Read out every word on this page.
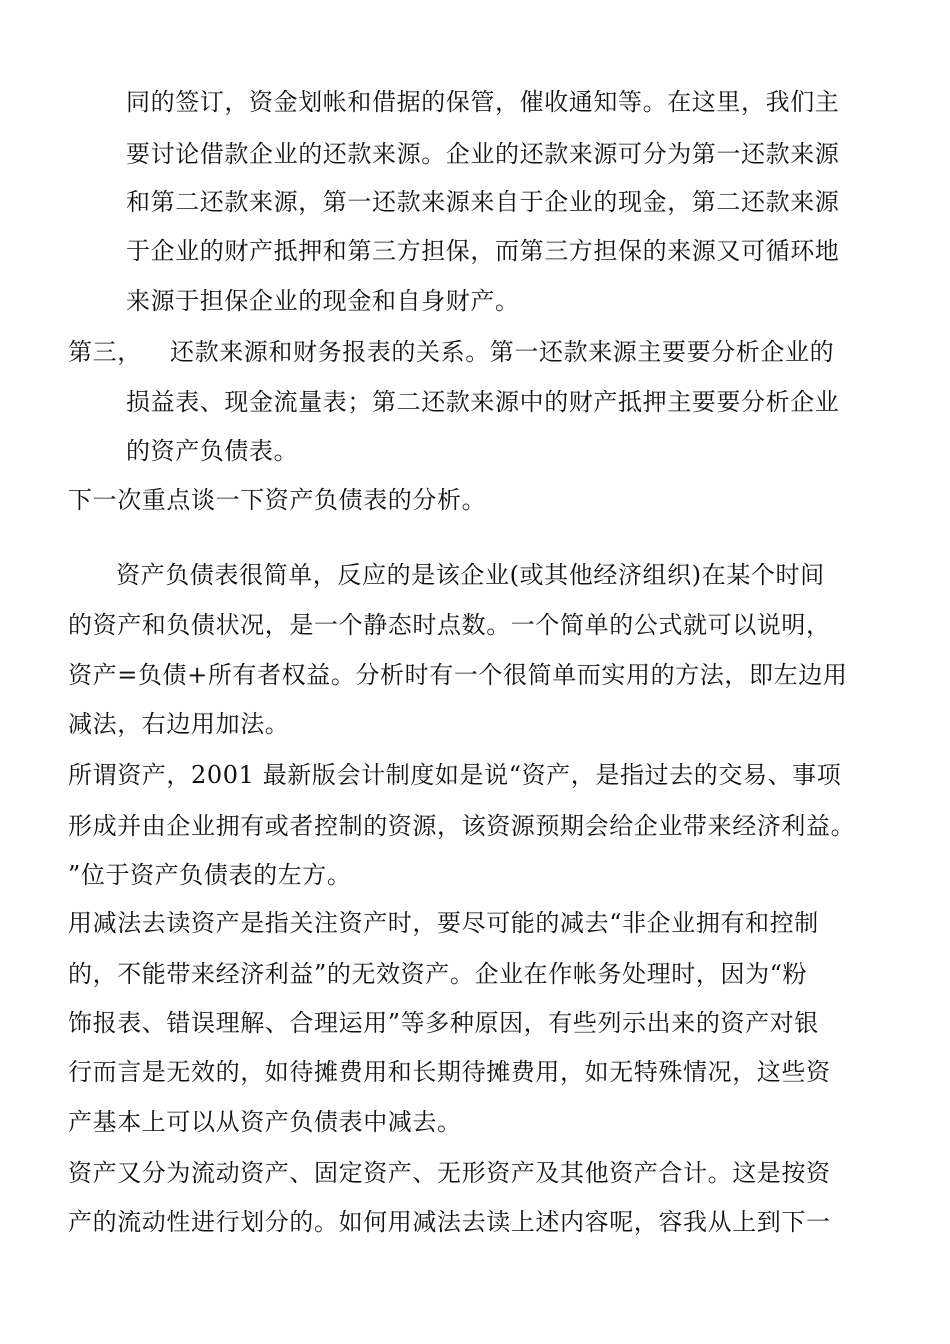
同的签订，资金划帐和借据的保管，催收通知等。在这里，我们主
要讨论借款企业的还款来源。企业的还款来源可分为第一还款来源
和第二还款来源，第一还款来源来自于企业的现金，第二还款来源
于企业的财产抵押和第三方担保，而第三方担保的来源又可循环地
来源于担保企业的现金和自身财产。
第三， 还款来源和财务报表的关系。第一还款来源主要要分析企业的
损益表、现金流量表；第二还款来源中的财产抵押主要要分析企业
的资产负债表。
下一次重点谈一下资产负债表的分析。
资产负债表很简单，反应的是该企业(或其他经济组织)在某个时间
的资产和负债状况，是一个静态时点数。一个简单的公式就可以说明，
资产=负债+所有者权益。分析时有一个很简单而实用的方法，即左边用
减法，右边用加法。
所谓资产，2001 最新版会计制度如是说“资产，是指过去的交易、事项
形成并由企业拥有或者控制的资源，该资源预期会给企业带来经济利益。
”位于资产负债表的左方。
用减法去读资产是指关注资产时，要尽可能的减去“非企业拥有和控制
的，不能带来经济利益”的无效资产。企业在作帐务处理时，因为“粉
饰报表、错误理解、合理运用”等多种原因，有些列示出来的资产对银
行而言是无效的，如待摊费用和长期待摊费用，如无特殊情况，这些资
产基本上可以从资产负债表中减去。
资产又分为流动资产、固定资产、无形资产及其他资产合计。这是按资
产的流动性进行划分的。如何用减法去读上述内容呢，容我从上到下一
